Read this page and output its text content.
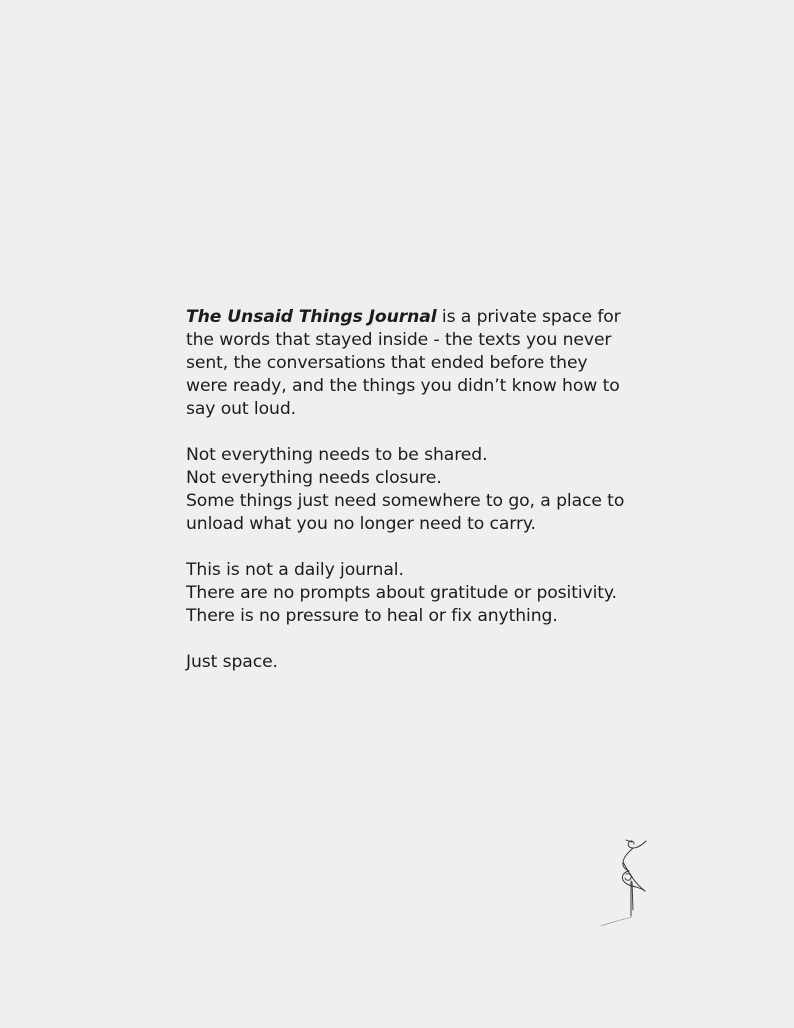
The Unsaid Things Journal is a private space for the words that stayed inside - the texts you never sent, the conversations that ended before they were ready, and the things you didn’t know how to say out loud.

Not everything needs to be shared.

Not everything needs closure.

Some things just need somewhere to go, a place to unload what you no longer need to carry.

This is not a daily journal.

There are no prompts about gratitude or positivity.

There is no pressure to heal or fix anything.

Just space.
